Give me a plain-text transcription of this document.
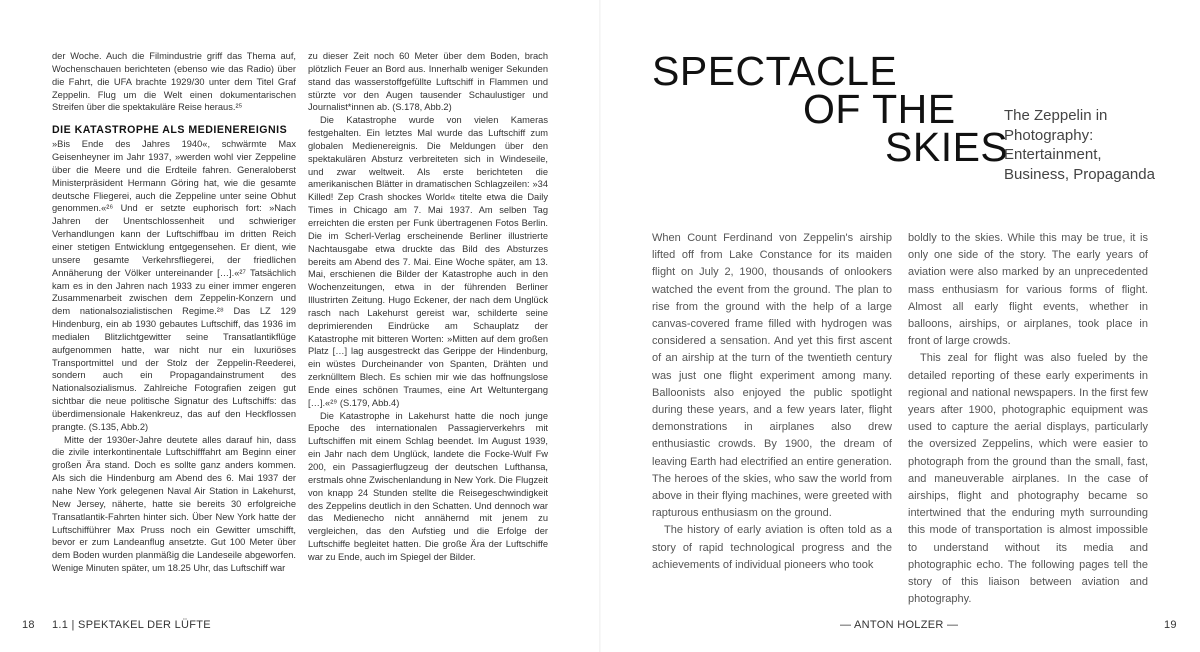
der Woche. Auch die Filmindustrie griff das Thema auf, Wochenschauen berichteten (ebenso wie das Radio) über die Fahrt, die UFA brachte 1929/30 unter dem Titel Graf Zeppelin. Flug um die Welt einen dokumentarischen Streifen über die spektakuläre Reise heraus.²⁵

DIE KATASTROPHE ALS MEDIENEREIGNIS

»Bis Ende des Jahres 1940«, schwärmte Max Geisenheyner im Jahr 1937, »werden wohl vier Zeppeline über die Meere und die Erdteile fahren. Generaloberst Ministerpräsident Hermann Göring hat, wie die gesamte deutsche Fliegerei, auch die Zeppeline unter seine Obhut genommen.«²⁶ Und er setzte euphorisch fort: »Nach Jahren der Unentschlossenheit und schwieriger Verhandlungen kann der Luftschiffbau im dritten Reich einer stetigen Entwicklung entgegensehen. Er dient, wie unsere gesamte Verkehrsfliegerei, der friedlichen Annäherung der Völker untereinander […].«²⁷ Tatsächlich kam es in den Jahren nach 1933 zu einer immer engeren Zusammenarbeit zwischen dem Zeppelin-Konzern und dem nationalsozialistischen Regime.²⁸ Das LZ 129 Hindenburg, ein ab 1930 gebautes Luftschiff, das 1936 im medialen Blitzlichtgewitter seine Transatlantikflüge aufgenommen hatte, war nicht nur ein luxuriöses Transportmittel und der Stolz der Zeppelin-Reederei, sondern auch ein Propagandainstrument des Nationalsozialismus. Zahlreiche Fotografien zeigen gut sichtbar die neue politische Signatur des Luftschiffs: das überdimensionale Hakenkreuz, das auf den Heckflossen prangte. (S.135, Abb.2)

Mitte der 1930er-Jahre deutete alles darauf hin, dass die zivile interkontinentale Luftschifffahrt am Beginn einer großen Ära stand. Doch es sollte ganz anders kommen. Als sich die Hindenburg am Abend des 6. Mai 1937 der nahe New York gelegenen Naval Air Station in Lakehurst, New Jersey, näherte, hatte sie bereits 30 erfolgreiche Transatlantik-Fahrten hinter sich. Über New York hatte der Luftschifführer Max Pruss noch ein Gewitter umschifft, bevor er zum Landeanflug ansetzte. Gut 100 Meter über dem Boden wurden planmäßig die Landeseile abgeworfen. Wenige Minuten später, um 18.25 Uhr, das Luftschiff war

zu dieser Zeit noch 60 Meter über dem Boden, brach plötzlich Feuer an Bord aus. Innerhalb weniger Sekunden stand das wasserstoffgefüllte Luftschiff in Flammen und stürzte vor den Augen tausender Schaulustiger und Journalist*innen ab. (S.178, Abb.2)

Die Katastrophe wurde von vielen Kameras festgehalten. Ein letztes Mal wurde das Luftschiff zum globalen Medienereignis. Die Meldungen über den spektakulären Absturz verbreiteten sich in Windeseile, und zwar weltweit. Als erste berichteten die amerikanischen Blätter in dramatischen Schlagzeilen: »34 Killed! Zep Crash shockes World« titelte etwa die Daily Times in Chicago am 7. Mai 1937. Am selben Tag erreichten die ersten per Funk übertragenen Fotos Berlin. Die im Scherl-Verlag erscheinende Berliner illustrierte Nachtausgabe etwa druckte das Bild des Absturzes bereits am Abend des 7. Mai. Eine Woche später, am 13. Mai, erschienen die Bilder der Katastrophe auch in den Wochenzeitungen, etwa in der führenden Berliner Illustrirten Zeitung. Hugo Eckener, der nach dem Unglück rasch nach Lakehurst gereist war, schilderte seine deprimierenden Eindrücke am Schauplatz der Katastrophe mit bitteren Worten: »Mitten auf dem großen Platz […] lag ausgestreckt das Gerippe der Hindenburg, ein wüstes Durcheinander von Spanten, Drähten und zerknülltem Blech. Es schien mir wie das hoffnungslose Ende eines schönen Traumes, eine Art Weltuntergang […].«²⁹ (S.179, Abb.4)

Die Katastrophe in Lakehurst hatte die noch junge Epoche des internationalen Passagierverkehrs mit Luftschiffen mit einem Schlag beendet. Im August 1939, ein Jahr nach dem Unglück, landete die Focke-Wulf Fw 200, ein Passagierflugzeug der deutschen Lufthansa, erstmals ohne Zwischenlandung in New York. Die Flugzeit von knapp 24 Stunden stellte die Reisegeschwindigkeit des Zeppelins deutlich in den Schatten. Und dennoch war das Medienecho nicht annähernd mit jenem zu vergleichen, das den Aufstieg und die Erfolge der Luftschiffe begleitet hatten. Die große Ära der Luftschiffe war zu Ende, auch im Spiegel der Bilder.

18 1.1 | SPEKTAKEL DER LÜFTE
SPECTACLE
OF THE
SKIES
The Zeppelin in Photography:
Entertainment,
Business, Propaganda

When Count Ferdinand von Zeppelin's airship lifted off from Lake Constance for its maiden flight on July 2, 1900, thousands of onlookers watched the event from the ground. The plan to rise from the ground with the help of a large canvas-covered frame filled with hydrogen was considered a sensation. And yet this first ascent of an airship at the turn of the twentieth century was just one flight experiment among many. Balloonists also enjoyed the public spotlight during these years, and a few years later, flight demonstrations in airplanes also drew enthusiastic crowds. By 1900, the dream of leaving Earth had electrified an entire generation. The heroes of the skies, who saw the world from above in their flying machines, were greeted with rapturous enthusiasm on the ground.

The history of early aviation is often told as a story of rapid technological progress and the achievements of individual pioneers who took

boldly to the skies. While this may be true, it is only one side of the story. The early years of aviation were also marked by an unprecedented mass enthusiasm for various forms of flight. Almost all early flight events, whether in balloons, airships, or airplanes, took place in front of large crowds.

This zeal for flight was also fueled by the detailed reporting of these early experiments in regional and national newspapers. In the first few years after 1900, photographic equipment was used to capture the aerial displays, particularly the oversized Zeppelins, which were easier to photograph from the ground than the small, fast, and maneuverable airplanes. In the case of airships, flight and photography became so intertwined that the enduring myth surrounding this mode of transportation is almost impossible to understand without its media and photographic echo. The following pages tell the story of this liaison between aviation and photography.

— ANTON HOLZER —	19
